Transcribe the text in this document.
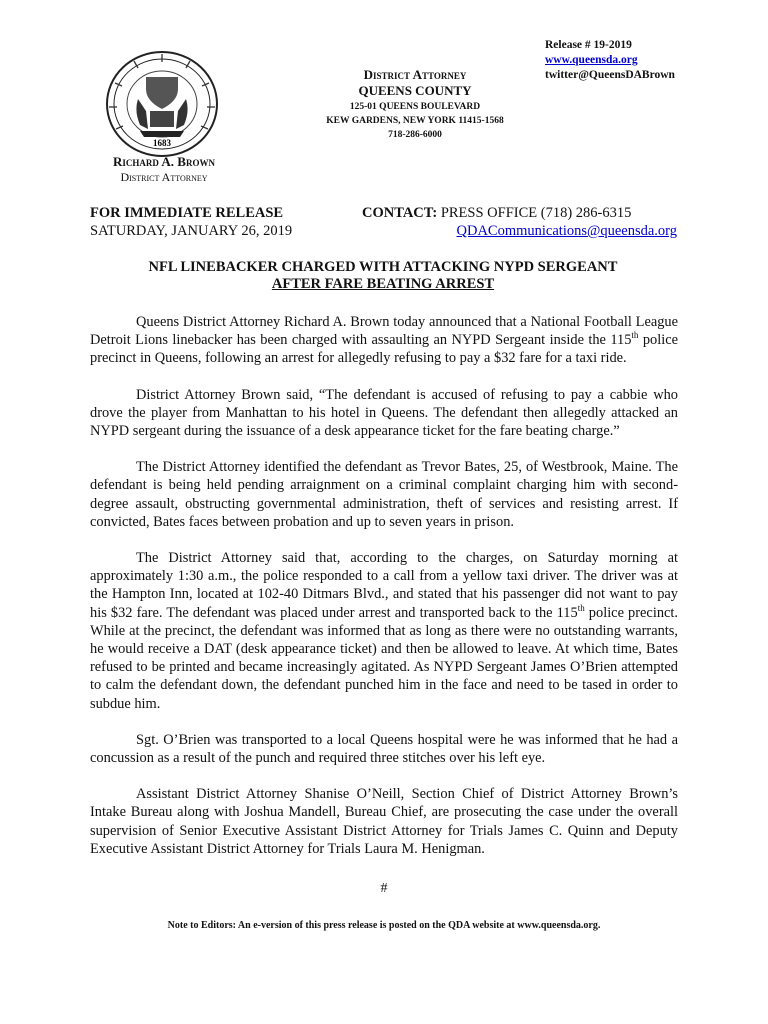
1683
Release # 19-2019
www.queensda.org
twitter@QueensDABrown
District Attorney
QUEENS COUNTY
125-01 QUEENS BOULEVARD
KEW GARDENS, NEW YORK 11415-1568
718-286-6000
Richard A. Brown
District Attorney
FOR IMMEDIATE RELEASE
SATURDAY, JANUARY 26, 2019
CONTACT: PRESS OFFICE (718) 286-6315
QDACommunications@queensda.org
NFL LINEBACKER CHARGED WITH ATTACKING NYPD SERGEANT
AFTER FARE BEATING ARREST

Queens District Attorney Richard A. Brown today announced that a National Football League Detroit Lions linebacker has been charged with assaulting an NYPD Sergeant inside the 115th police precinct in Queens, following an arrest for allegedly refusing to pay a $32 fare for a taxi ride.

District Attorney Brown said, “The defendant is accused of refusing to pay a cabbie who drove the player from Manhattan to his hotel in Queens. The defendant then allegedly attacked an NYPD sergeant during the issuance of a desk appearance ticket for the fare beating charge.”

The District Attorney identified the defendant as Trevor Bates, 25, of Westbrook, Maine. The defendant is being held pending arraignment on a criminal complaint charging him with second-degree assault, obstructing governmental administration, theft of services and resisting arrest. If convicted, Bates faces between probation and up to seven years in prison.

The District Attorney said that, according to the charges, on Saturday morning at approximately 1:30 a.m., the police responded to a call from a yellow taxi driver. The driver was at the Hampton Inn, located at 102-40 Ditmars Blvd., and stated that his passenger did not want to pay his $32 fare. The defendant was placed under arrest and transported back to the 115th police precinct. While at the precinct, the defendant was informed that as long as there were no outstanding warrants, he would receive a DAT (desk appearance ticket) and then be allowed to leave. At which time, Bates refused to be printed and became increasingly agitated. As NYPD Sergeant James O’Brien attempted to calm the defendant down, the defendant punched him in the face and need to be tased in order to subdue him.

Sgt. O’Brien was transported to a local Queens hospital were he was informed that he had a concussion as a result of the punch and required three stitches over his left eye.

Assistant District Attorney Shanise O’Neill, Section Chief of District Attorney Brown’s Intake Bureau along with Joshua Mandell, Bureau Chief, are prosecuting the case under the overall supervision of Senior Executive Assistant District Attorney for Trials James C. Quinn and Deputy Executive Assistant District Attorney for Trials Laura M. Henigman.

#
Note to Editors: An e-version of this press release is posted on the QDA website at www.queensda.org.
